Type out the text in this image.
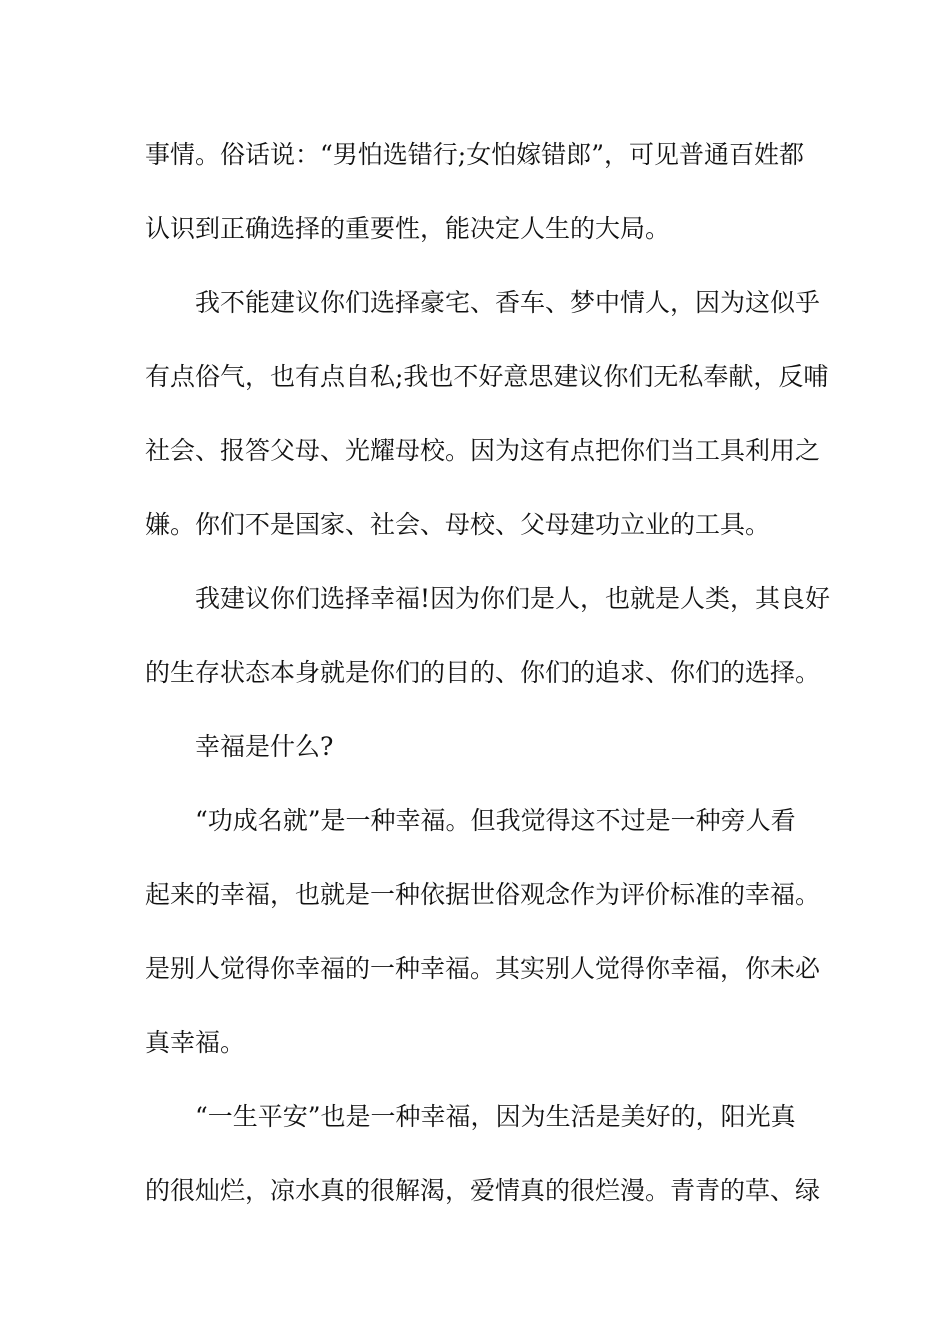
事情。俗话说：“男怕选错行;女怕嫁错郎”，可见普通百姓都
认识到正确选择的重要性，能决定人生的大局。
我不能建议你们选择豪宅、香车、梦中情人，因为这似乎
有点俗气，也有点自私;我也不好意思建议你们无私奉献，反哺
社会、报答父母、光耀母校。因为这有点把你们当工具利用之
嫌。你们不是国家、社会、母校、父母建功立业的工具。
我建议你们选择幸福!因为你们是人，也就是人类，其良好
的生存状态本身就是你们的目的、你们的追求、你们的选择。
幸福是什么?
“功成名就”是一种幸福。但我觉得这不过是一种旁人看
起来的幸福，也就是一种依据世俗观念作为评价标准的幸福。
是别人觉得你幸福的一种幸福。其实别人觉得你幸福，你未必
真幸福。
“一生平安”也是一种幸福，因为生活是美好的，阳光真
的很灿烂，凉水真的很解渴，爱情真的很烂漫。青青的草、绿
